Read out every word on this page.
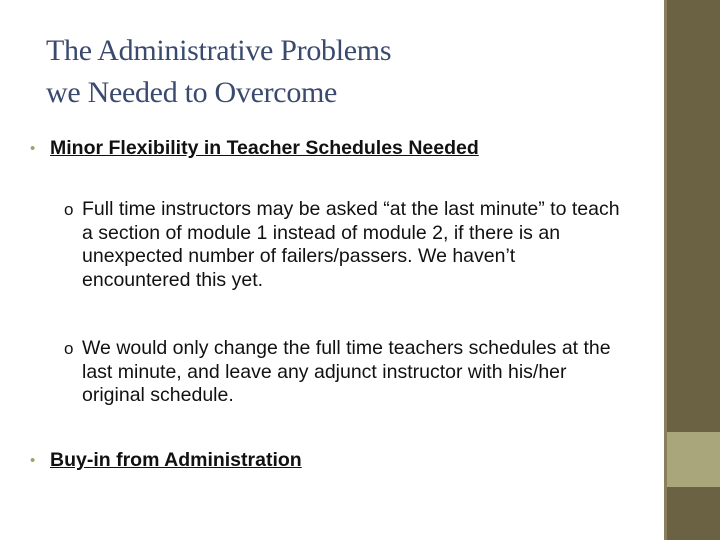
The Administrative Problems
we Needed to Overcome
• Minor Flexibility in Teacher Schedules Needed
o Full time instructors may be asked “at the last minute” to teach a section of module 1 instead of module 2, if there is an unexpected number of failers/passers. We haven’t encountered this yet.
o We would only change the full time teachers schedules at the last minute, and leave any adjunct instructor with his/her original schedule.
• Buy-in from Administration
